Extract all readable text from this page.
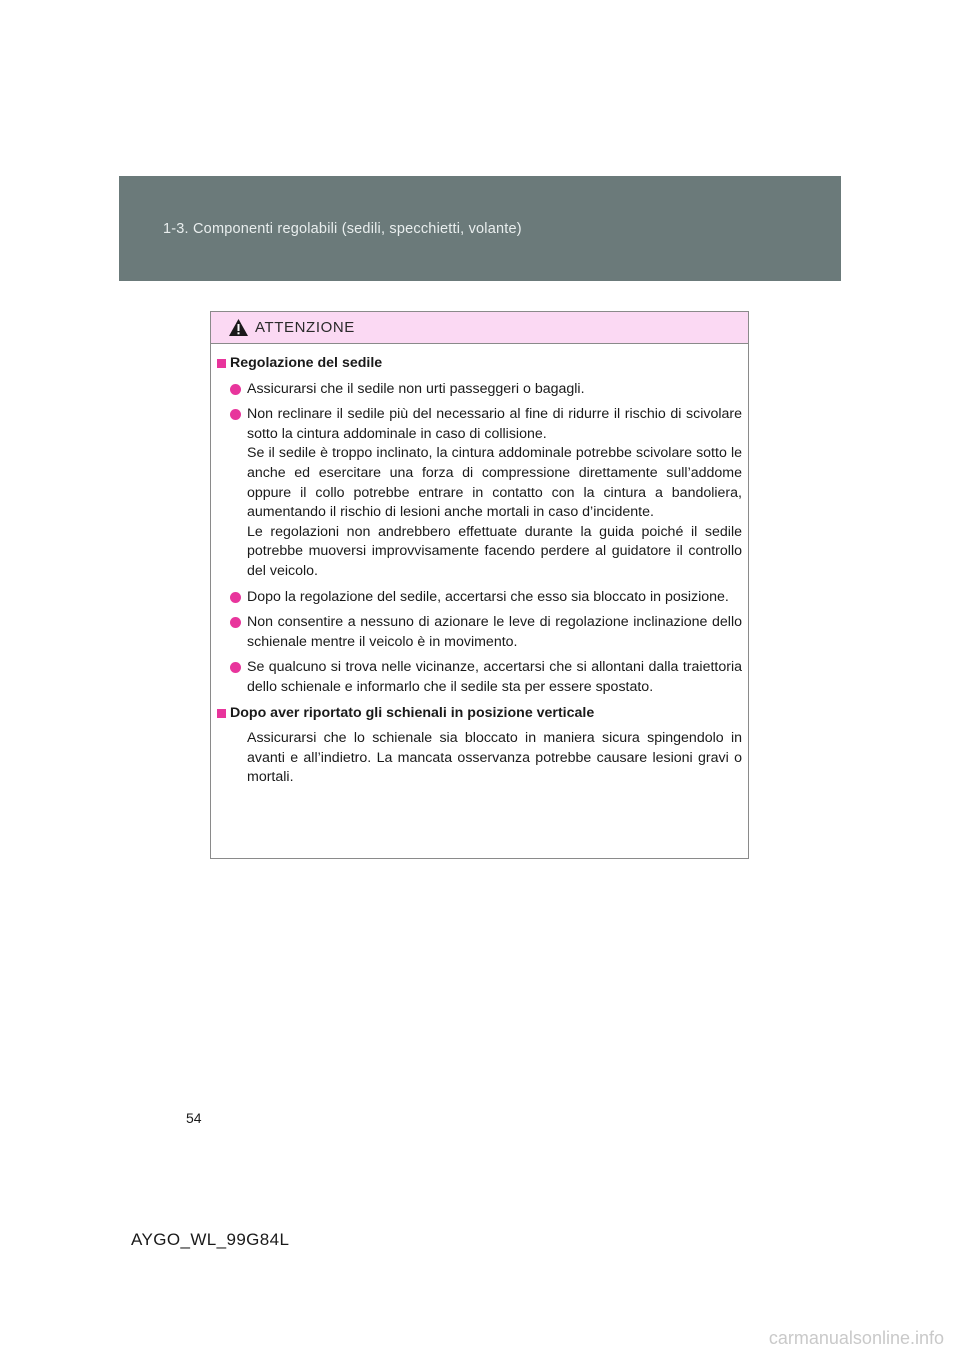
1-3. Componenti regolabili (sedili, specchietti, volante)
ATTENZIONE
Regolazione del sedile
Assicurarsi che il sedile non urti passeggeri o bagagli.
Non reclinare il sedile più del necessario al fine di ridurre il rischio di scivolare sotto la cintura addominale in caso di collisione.
Se il sedile è troppo inclinato, la cintura addominale potrebbe scivolare sotto le anche ed esercitare una forza di compressione direttamente sull’addome oppure il collo potrebbe entrare in contatto con la cintura a bandoliera, aumentando il rischio di lesioni anche mortali in caso d’incidente.
Le regolazioni non andrebbero effettuate durante la guida poiché il sedile potrebbe muoversi improvvisamente facendo perdere al guidatore il controllo del veicolo.
Dopo la regolazione del sedile, accertarsi che esso sia bloccato in posizione.
Non consentire a nessuno di azionare le leve di regolazione inclinazione dello schienale mentre il veicolo è in movimento.
Se qualcuno si trova nelle vicinanze, accertarsi che si allontani dalla traiettoria dello schienale e informarlo che il sedile sta per essere spostato.
Dopo aver riportato gli schienali in posizione verticale
Assicurarsi che lo schienale sia bloccato in maniera sicura spingendolo in avanti e all’indietro. La mancata osservanza potrebbe causare lesioni gravi o mortali.
54
AYGO_WL_99G84L
carmanualsonline.info
